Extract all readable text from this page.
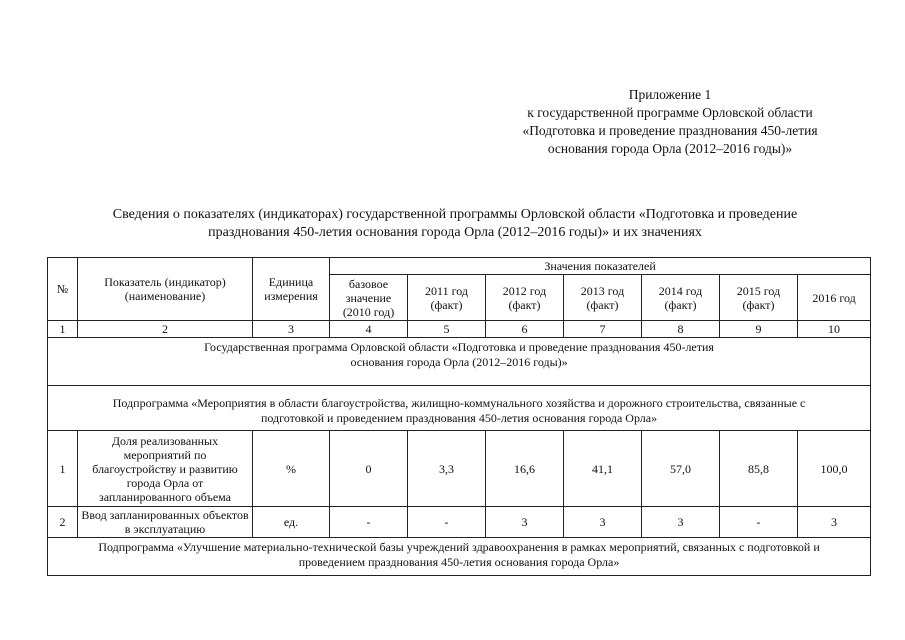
Приложение 1
к государственной программе Орловской области
«Подготовка и проведение празднования 450-летия
основания города Орла (2012–2016 годы)»
Сведения о показателях (индикаторах) государственной программы Орловской области «Подготовка и проведение
празднования 450-летия основания города Орла (2012–2016 годы)» и их значениях
№	Показатель (индикатор) (наименование)	Единица измерения	Значения показателей						
			базовое значение (2010 год)	2011 год (факт)	2012 год (факт)	2013 год (факт)	2014 год (факт)	2015 год (факт)	2016 год
1	2	3	4	5	6	7	8	9	10

Государственная программа Орловской области «Подготовка и проведение празднования 450-летия
основания города Орла (2012–2016 годы)»									

Подпрограмма «Мероприятия в области благоустройства, жилищно-коммунального хозяйства и дорожного строительства, связанные с
подготовкой и проведением празднования 450-летия основания города Орла»									

1	Доля реализованных мероприятий по благоустройству и развитию города Орла от запланированного объема	%	0	3,3	16,6	41,1	57,0	85,8	100,0
2	Ввод запланированных объектов в эксплуатацию	ед.	-	-	3	3	3	-	3

Подпрограмма «Улучшение материально-технической базы учреждений здравоохранения в рамках мероприятий, связанных с подготовкой и
проведением празднования 450-летия основания города Орла»									
